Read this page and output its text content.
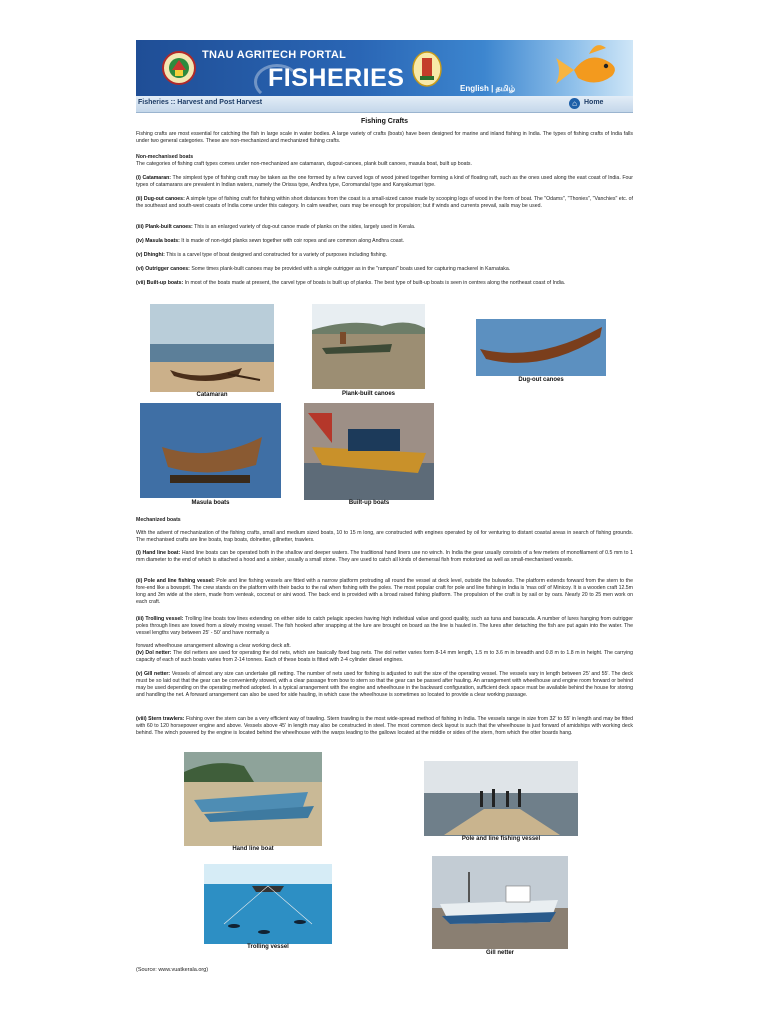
TNAU AGRITECH PORTAL
FISHERIES	English | தமிழ்
Fisheries :: Harvest and Post Harvest	⌂	Home
Fishing Crafts

Fishing crafts are most essential for catching the fish in large scale in water bodies. A large variety of crafts (boats) have been designed for marine and inland fishing in India. The types of fishing crafts of India falls under two general categories. These are non-mechanized and mechanized fishing crafts.

Non-mechanised boats

The categories of fishing craft types comes under non-mechanized are catamaran, dugout-canoes, plank built canoes, masula boat, built up boats.

(i) Catamaran: The simplest type of fishing craft may be taken as the one formed by a few curved logs of wood joined together forming a kind of floating raft, such as the ones used along the east coast of India. Four types of catamarans are prevalent in Indian waters, namely the Orissa type, Andhra type, Coromandal type and Kanyakumari type.

(ii) Dug-out canoes: A simple type of fishing craft for fishing within short distances from the coast is a small-sized canoe made by scooping logs of wood in the form of boat. The "Odams", "Thonies", "Vanchies" etc. of the southeast and south-west coasts of India come under this category. In calm weather, oars may be enough for propulsion; but if winds and currents prevail, sails may be used.

(iii) Plank-built canoes: This is an enlarged variety of dug-out canoe made of planks on the sides, largely used in Kerala.

(iv) Masula boats: It is made of non-rigid planks sewn together with coir ropes and are common along Andhra coast.

(v) Dhinghi: This is a carvel type of boat designed and constructed for a variety of purposes including fishing.

(vi) Outrigger canoes: Some times plank-built canoes may be provided with a single outrigger as in the "rampani" boats used for capturing mackerel in Karnataka.

(vii) Built-up boats: In most of the boats made at present, the carvel type of boats is built up of planks. The best type of built-up boats is seen in centres along the northeast coast of India.

Catamaran	Plank-built canoes
Dug-out canoes
Masula boats	Built-up boats

Mechanized boats

With the advent of mechanization of the fishing crafts, small and medium sized boats, 10 to 15 m long, are constructed with engines operated by oil for venturing to distant coastal areas in search of fishing grounds. The mechanised crafts are line boats, trap boats, dolnetter, gillnetter, trawlers.

(i) Hand line boat: Hand line boats can be operated both in the shallow and deeper waters. The traditional hand liners use no winch. In India the gear usually consists of a few meters of monofilament of 0.5 mm to 1 mm diameter to the end of which is attached a hood and a sinker, usually a small stone. They are used to catch all kinds of demersal fish from motorized as well as small-mechanised vessels.

(ii) Pole and line fishing vessel: Pole and line fishing vessels are fitted with a narrow platform protruding all round the vessel at deck level, outside the bulwarks. The platform extends forward from the stern to the fore-end like a bowsprit. The crew stands on the platform with their backs to the rail when fishing with the poles. The most popular craft for pole and line fishing in India is 'mas odi' of Minicoy. It is a wooden craft 12.5m long and 3m wide at the stern, made from venteak, coconut or aini wood. The back end is provided with a broad raised fishing platform. The propulsion of the craft is by sail or by oars. Nearly 20 to 25 men work on each craft.

(iii) Trolling vessel: Trolling line boats tow lines extending on either side to catch pelagic species having high individual value and good quality, such as tuna and baracuda. A number of lures hanging from outrigger poles through lines are towed from a slowly moving vessel. The fish hooked after snapping at the lure are brought on board as the line is hauled in. The lures after detaching the fish are put again into the water. The vessel lengths vary between 25' - 50' and have normally a

forward wheelhouse arrangement allowing a clear working deck aft.

(iv) Dol netter: The dol netters are used for operating the dol nets, which are basically fixed bag nets. The dol netter varies form 8-14 mm length, 1.5 m to 3.6 m in breadth and 0.8 m to 1.8 m in height. The carrying capacity of each of such boats varies from 2-14 tonnes. Each of these boats is fitted with 2-4 cylinder diesel engines.

(v) Gill netter: Vessels of almost any size can undertake gill netting. The number of nets used for fishing is adjusted to suit the size of the operating vessel. The vessels vary in length between 25' and 55'. The deck must be so laid out that the gear can be conveniently stowed, with a clear passage from bow to stern so that the gear can be passed after hauling. An arrangement with wheelhouse and engine room forward or behind may be used depending on the operating method adopted. In a typical arrangement with the engine and wheelhouse in the backward configuration, sufficient deck space must be available behind the house for storing and handling the net. A forward arrangement can also be used for side hauling, in which case the wheelhouse is sometimes so located to provide a clear working passage.

(viii) Stern trawlers: Fishing over the stern can be a very efficient way of trawling. Stern trawling is the most wide-spread method of fishing in India. The vessels range in size from 32' to 55' in length and may be fitted with 60 to 120 horsepower engine and above. Vessels above 45' in length may also be constructed in steel. The most common deck layout is such that the wheelhouse is just forward of amidships with working deck behind. The winch powered by the engine is located behind the wheelhouse with the warps leading to the gallows located at the middle or sides of the stern, from which the otter boards hang.

Hand line boat
Pole and line fishing vessel
Trolling vessel
Gill netter
(Source: www.vuatkerala.org)
